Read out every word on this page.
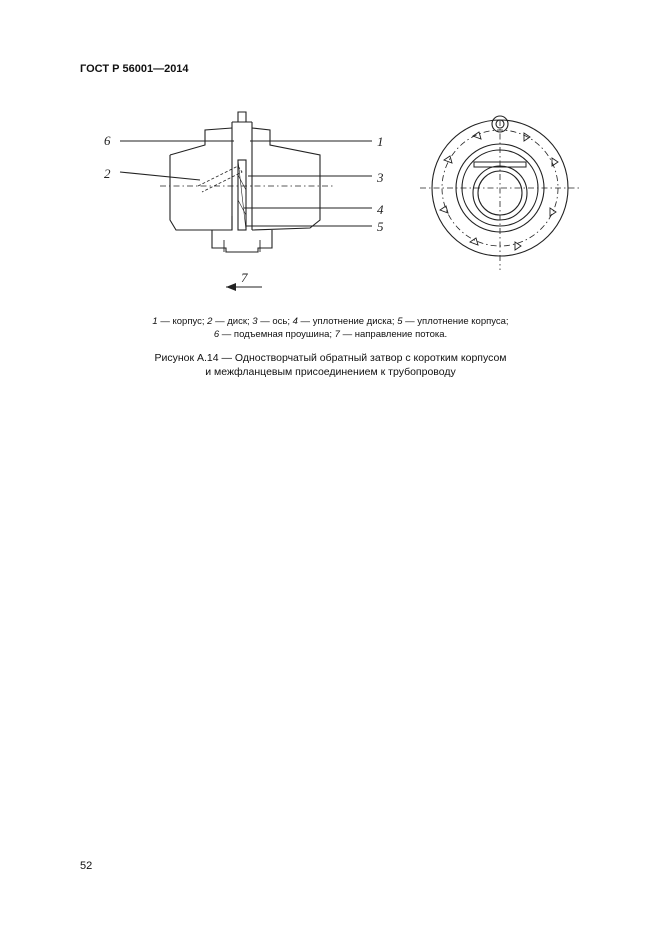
ГОСТ Р 56001—2014
6
2
1
3
4
5
7
1 — корпус; 2 — диск; 3 — ось; 4 — уплотнение диска; 5 — уплотнение корпуса;
6 — подъемная проушина; 7 — направление потока.
Рисунок А.14 — Одностворчатый обратный затвор с коротким корпусом
и межфланцевым присоединением к трубопроводу
52
